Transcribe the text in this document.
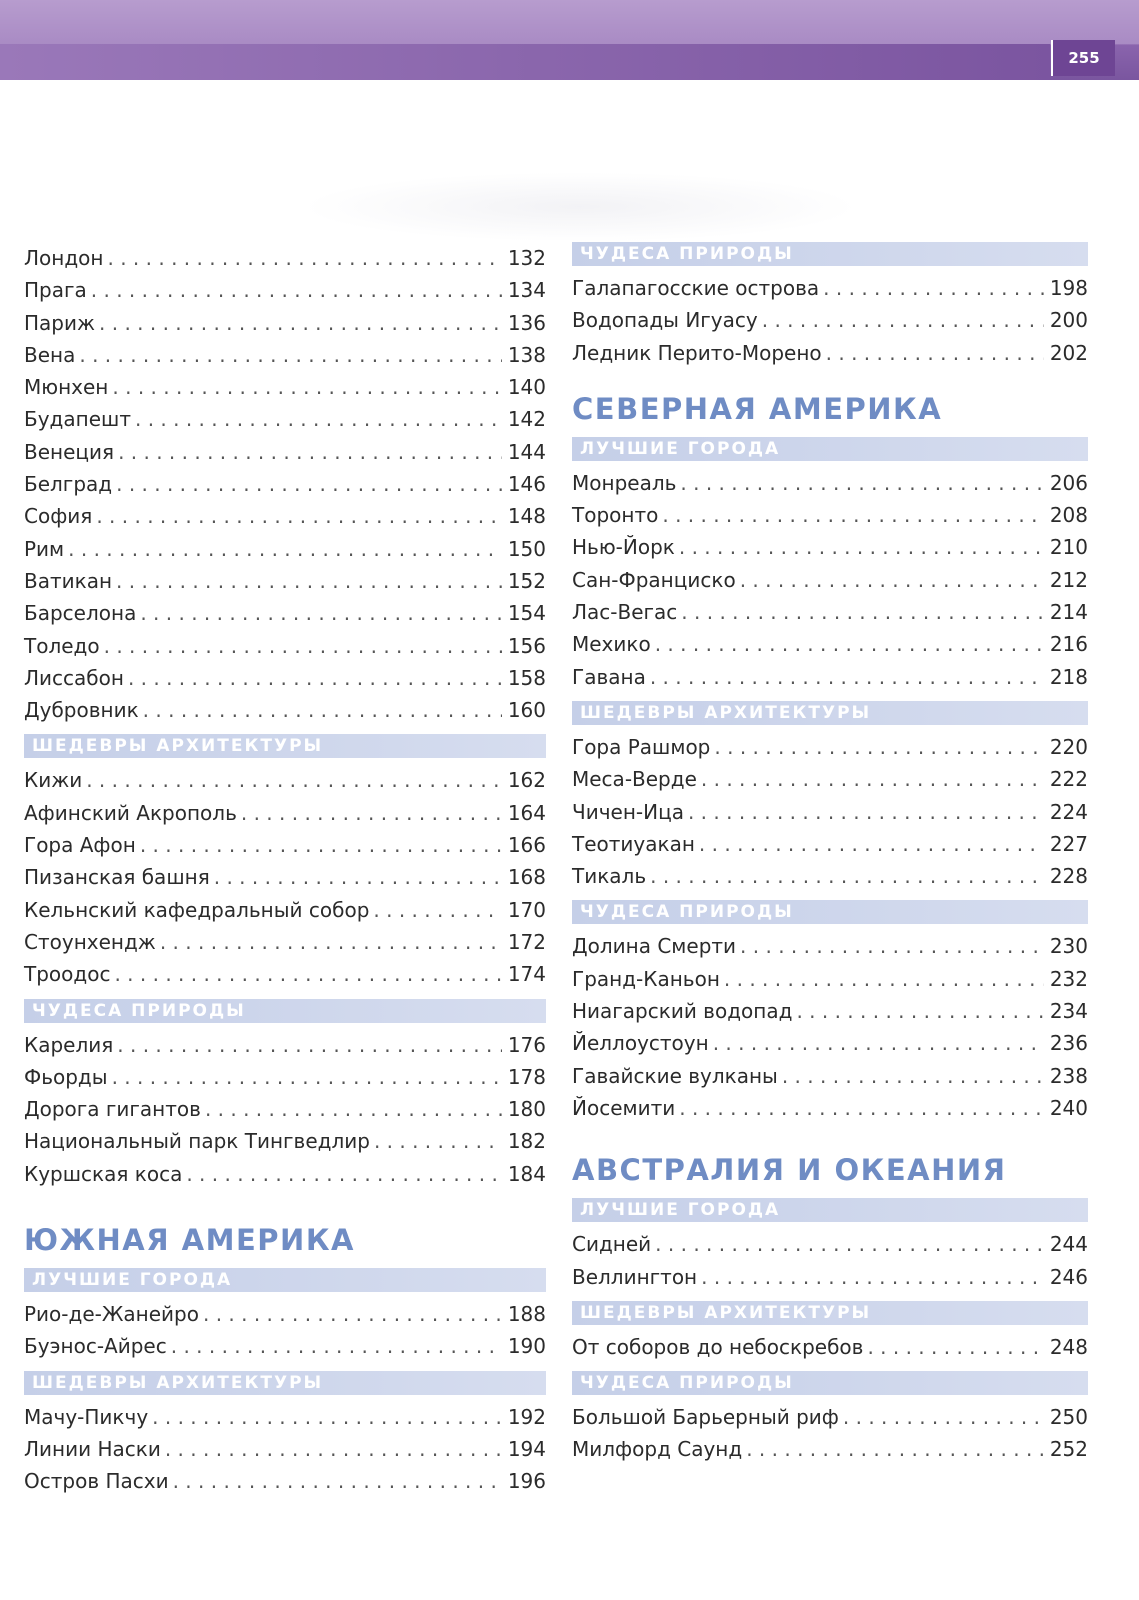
255
Лондон . . .	132
Прага . . .	134
Париж . . .	136
Вена . . .	138
Мюнхен . . .	140
Будапешт . . .	142
Венеция . . .	144
Белград . . .	146
София . . .	148
Рим . . .	150
Ватикан . . .	152
Барселона . . .	154
Толедо . . .	156
Лиссабон . . .	158
Дубровник . . .	160
ШЕДЕВРЫ АРХИТЕКТУРЫ
Кижи . . .	162
Афинский Акрополь . . .	164
Гора Афон . . .	166
Пизанская башня . . .	168
Кельнский кафедральный собор . . .	170
Стоунхендж . . .	172
Троодос . . .	174
ЧУДЕСА ПРИРОДЫ
Карелия . . .	176
Фьорды . . .	178
Дорога гигантов . . .	180
Национальный парк Тингведлир . . .	182
Куршская коса . . .	184
ЮЖНАЯ АМЕРИКА
ЛУЧШИЕ ГОРОДА
Рио-де-Жанейро . . .	188
Буэнос-Айрес . . .	190
ШЕДЕВРЫ АРХИТЕКТУРЫ
Мачу-Пикчу . . .	192
Линии Наски . . .	194
Остров Пасхи . . .	196
ЧУДЕСА ПРИРОДЫ
Галапагосские острова . . .	198
Водопады Игуасу . . .	200
Ледник Перито-Морено . . .	202
СЕВЕРНАЯ АМЕРИКА
ЛУЧШИЕ ГОРОДА
Монреаль . . .	206
Торонто . . .	208
Нью-Йорк . . .	210
Сан-Франциско . . .	212
Лас-Вегас . . .	214
Мехико . . .	216
Гавана . . .	218
ШЕДЕВРЫ АРХИТЕКТУРЫ
Гора Рашмор . . .	220
Меса-Верде . . .	222
Чичен-Ица . . .	224
Теотиуакан . . .	227
Тикаль . . .	228
ЧУДЕСА ПРИРОДЫ
Долина Смерти . . .	230
Гранд-Каньон . . .	232
Ниагарский водопад . . .	234
Йеллоустоун . . .	236
Гавайские вулканы . . .	238
Йосемити . . .	240
АВСТРАЛИЯ И ОКЕАНИЯ
ЛУЧШИЕ ГОРОДА
Сидней . . .	244
Веллингтон . . .	246
ШЕДЕВРЫ АРХИТЕКТУРЫ
От соборов до небоскребов . . .	248
ЧУДЕСА ПРИРОДЫ
Большой Барьерный риф . . .	250
Милфорд Саунд . . .	252
